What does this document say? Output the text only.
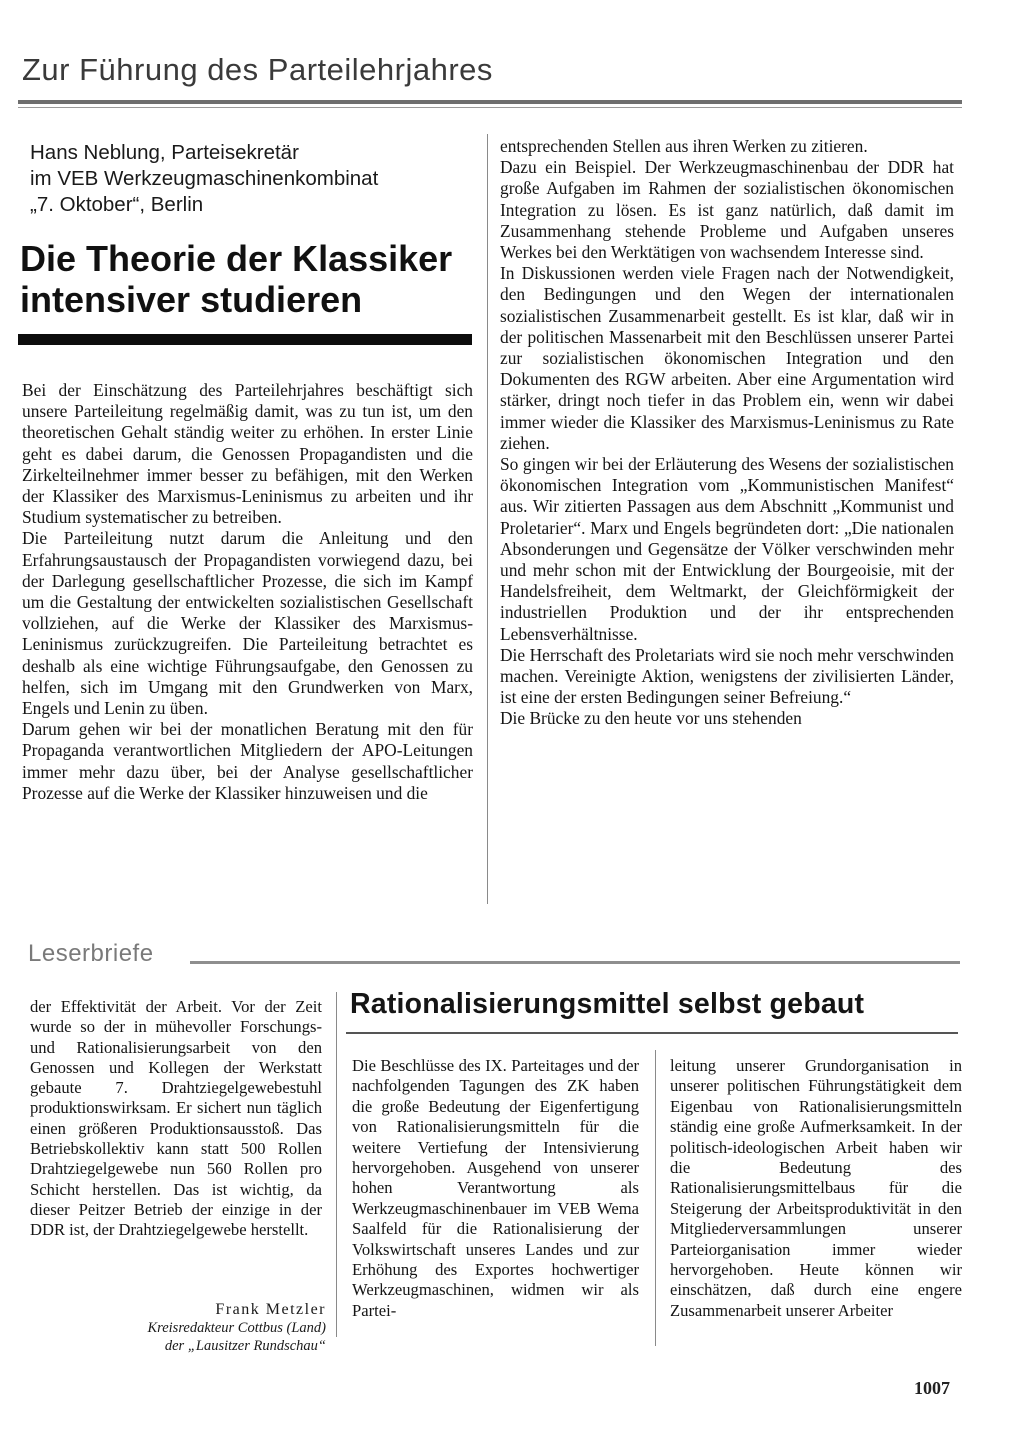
Zur Führung des Parteilehrjahres
Hans Neblung, Parteisekretär
im VEB Werkzeugmaschinenkombinat
„7. Oktober“, Berlin
Die Theorie der Klassiker intensiver studieren

Bei der Einschätzung des Parteilehrjahres beschäftigt sich unsere Parteileitung regelmäßig damit, was zu tun ist, um den theoretischen Gehalt ständig weiter zu erhöhen. In erster Linie geht es dabei darum, die Genossen Propagandisten und die Zirkelteilnehmer immer besser zu befähigen, mit den Werken der Klassiker des Marxismus-Leninismus zu arbeiten und ihr Studium systematischer zu betreiben.

Die Parteileitung nutzt darum die Anleitung und den Erfahrungsaustausch der Propagandisten vorwiegend dazu, bei der Darlegung gesellschaftlicher Prozesse, die sich im Kampf um die Gestaltung der entwickelten sozialistischen Gesellschaft vollziehen, auf die Werke der Klassiker des Marxismus-Leninismus zurückzugreifen. Die Parteileitung betrachtet es deshalb als eine wichtige Führungsaufgabe, den Genossen zu helfen, sich im Umgang mit den Grundwerken von Marx, Engels und Lenin zu üben.

Darum gehen wir bei der monatlichen Beratung mit den für Propaganda verantwortlichen Mitgliedern der APO-Leitungen immer mehr dazu über, bei der Analyse gesellschaftlicher Prozesse auf die Werke der Klassiker hinzuweisen und die

entsprechenden Stellen aus ihren Werken zu zitieren.

Dazu ein Beispiel. Der Werkzeugmaschinenbau der DDR hat große Aufgaben im Rahmen der sozialistischen ökonomischen Integration zu lösen. Es ist ganz natürlich, daß damit im Zusammenhang stehende Probleme und Aufgaben unseres Werkes bei den Werktätigen von wachsendem Interesse sind.

In Diskussionen werden viele Fragen nach der Notwendigkeit, den Bedingungen und den Wegen der internationalen sozialistischen Zusammenarbeit gestellt. Es ist klar, daß wir in der politischen Massenarbeit mit den Beschlüssen unserer Partei zur sozialistischen ökonomischen Integration und den Dokumenten des RGW arbeiten. Aber eine Argumentation wird stärker, dringt noch tiefer in das Problem ein, wenn wir dabei immer wieder die Klassiker des Marxismus-Leninismus zu Rate ziehen.

So gingen wir bei der Erläuterung des Wesens der sozialistischen ökonomischen Integration vom „Kommunistischen Manifest“ aus. Wir zitierten Passagen aus dem Abschnitt „Kommunist und Proletarier“. Marx und Engels begründeten dort: „Die nationalen Absonderungen und Gegensätze der Völker verschwinden mehr und mehr schon mit der Entwicklung der Bourgeoisie, mit der Handelsfreiheit, dem Weltmarkt, der Gleichförmigkeit der industriellen Produktion und der ihr entsprechenden Lebensverhältnisse.

Die Herrschaft des Proletariats wird sie noch mehr verschwinden machen. Vereinigte Aktion, wenigstens der zivilisierten Länder, ist eine der ersten Bedingungen seiner Befreiung.“

Die Brücke zu den heute vor uns stehenden

Leserbriefe
der Effektivität der Arbeit. Vor der Zeit wurde so der in mühevoller Forschungs- und Rationalisierungsarbeit von den Genossen und Kollegen der Werkstatt gebaute 7. Drahtziegelgewebestuhl produktionswirksam. Er sichert nun täglich einen größeren Produktionsausstoß. Das Betriebskollektiv kann statt 500 Rollen Drahtziegelgewebe nun 560 Rollen pro Schicht herstellen. Das ist wichtig, da dieser Peitzer Betrieb der einzige in der DDR ist, der Drahtziegelgewebe herstellt.
Frank Metzler
Kreisredakteur Cottbus (Land)
der „Lausitzer Rundschau“
Rationalisierungsmittel selbst gebaut
Die Beschlüsse des IX. Parteitages und der nachfolgenden Tagungen des ZK haben die große Bedeutung der Eigenfertigung von Rationalisierungsmitteln für die weitere Vertiefung der Intensivierung hervorgehoben. Ausgehend von unserer hohen Verantwortung als Werkzeugmaschinenbauer im VEB Wema Saalfeld für die Rationalisierung der Volkswirtschaft unseres Landes und zur Erhöhung des Exportes hochwertiger Werkzeugmaschinen, widmen wir als Partei-
leitung unserer Grundorganisation in unserer politischen Führungstätigkeit dem Eigenbau von Rationalisierungsmitteln ständig eine große Aufmerksamkeit. In der politisch-ideologischen Arbeit haben wir die Bedeutung des Rationalisierungsmittelbaus für die Steigerung der Arbeitsproduktivität in den Mitgliederversammlungen unserer Parteiorganisation immer wieder hervorgehoben. Heute können wir einschätzen, daß durch eine engere Zusammenarbeit unserer Arbeiter
1007
